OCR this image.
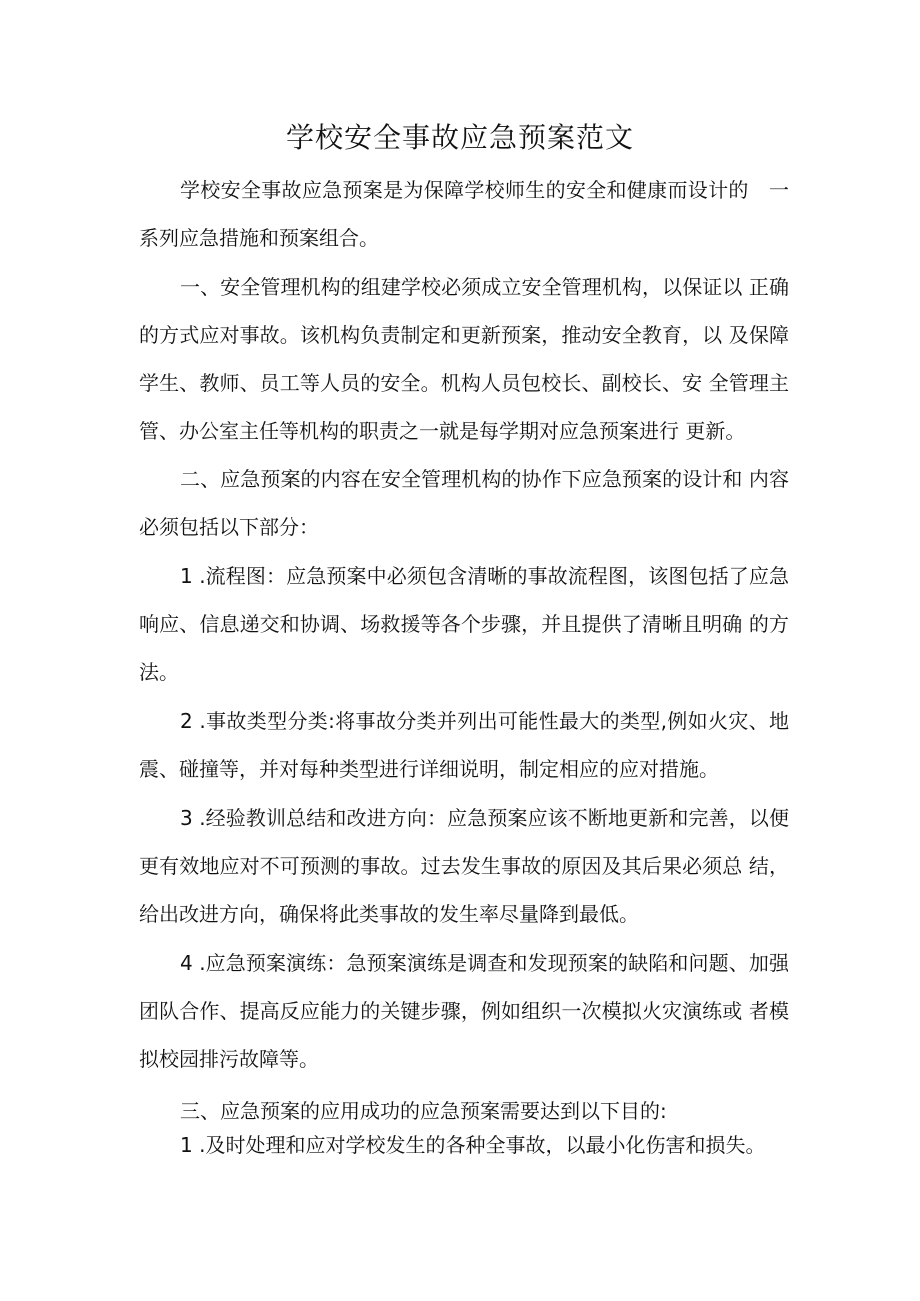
学校安全事故应急预案范文

学校安全事故应急预案是为保障学校师生的安全和健康而设计的　一系列应急措施和预案组合。

一、安全管理机构的组建学校必须成立安全管理机构，以保证以 正确的方式应对事故。该机构负责制定和更新预案，推动安全教育，以 及保障学生、教师、员工等人员的安全。机构人员包校长、副校长、安 全管理主管、办公室主任等机构的职责之一就是每学期对应急预案进行 更新。

二、应急预案的内容在安全管理机构的协作下应急预案的设计和 内容必须包括以下部分：

1 .流程图：应急预案中必须包含清晰的事故流程图，该图包括了应急响应、信息递交和协调、场救援等各个步骤，并且提供了清晰且明确 的方法。

2 .事故类型分类:将事故分类并列出可能性最大的类型,例如火灾、地震、碰撞等，并对每种类型进行详细说明，制定相应的应对措施。

3 .经验教训总结和改进方向：应急预案应该不断地更新和完善，以便更有效地应对不可预测的事故。过去发生事故的原因及其后果必须总 结，给出改进方向，确保将此类事故的发生率尽量降到最低。

4 .应急预案演练：急预案演练是调查和发现预案的缺陷和问题、加强团队合作、提高反应能力的关键步骤，例如组织一次模拟火灾演练或 者模拟校园排污故障等。

三、应急预案的应用成功的应急预案需要达到以下目的:
1 .及时处理和应对学校发生的各种全事故，以最小化伤害和损失。
